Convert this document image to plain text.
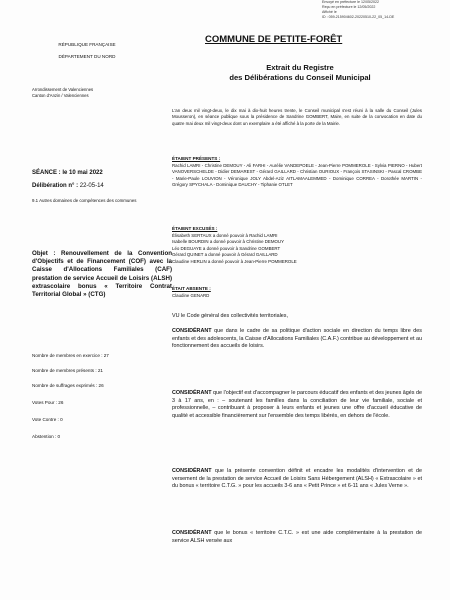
Envoyé en préfecture le 12/05/2022
Reçu en préfecture le 12/05/2022
Affiché le
ID : 059-215904602-20220510-22_05_14-DE
RÉPUBLIQUE FRANÇAISE
DÉPARTEMENT DU NORD
Arrondissement de Valenciennes
Canton d'Anzin / Valenciennes
COMMUNE DE PETITE-FORÊT
Extrait du Registre
des Délibérations du Conseil Municipal
L'an deux mil vingt-deux, le dix mai à dix-huit heures trente, le Conseil municipal s'est réuni à la salle du Conseil (Jules Mousseron), en séance publique sous la présidence de Sandrine GOMBERT, Maire, en suite de la convocation en date du quatre mai deux mil vingt-deux dont un exemplaire a été affiché à la porte de la Mairie.
ÉTAIENT PRÉSENTS :
Rachid LAMRI - Christine DEMOUY - Ali FARHI - Aurélie VANDEPOELE - Jean-Pierre POMMEROLE - Sylvia PIERNO - Hubert VANOVERSCHELDE - Didier DEMAREST - Gérard GAILLARD - Christian OURIOUX - François STASINSKI - Pascal CROMBE - Marie-Paule LOUVION - Véronique JOLY Abdel-Aziz AITLAMAALEMMED - Dominique CORREA - Dorothée MARTIN - Grégory SPYCHALA - Dominique DAUCHY - Tiphanie OTLET
SÉANCE : le 10 mai 2022
Délibération n° : 22-05-14
9.1 Autres domaines de compétences des communes
ÉTAIENT EXCUSÉS :
Élisabeth SERTAUX a donné pouvoir à Rachid LAMRI
Isabelle BOURDIN a donné pouvoir à Christine DEMOUY
Léo DEGUAYE a donné pouvoir à Sandrine GOMBERT
Gérard QUINET a donné pouvoir à Gérard GAILLARD
Claudine HERLIN a donné pouvoir à Jean-Pierre POMMEROLE
Objet : Renouvellement de la Convention d'Objectifs et de Financement (COF) avec la Caisse d'Allocations Familiales (CAF) prestation de service Accueil de Loisirs (ALSH) extrascolaire bonus « Territoire Contrat Territorial Global » (CTG)
ÉTAIT ABSENTE :
Claudine GENARD
VU le Code général des collectivités territoriales,
CONSIDÉRANT que dans le cadre de sa politique d'action sociale en direction du temps libre des enfants et des adolescents, la Caisse d'Allocations Familiales (C.A.F.) contribue au développement et au fonctionnement des accueils de loisirs.
CONSIDÉRANT que l'objectif est d'accompagner le parcours éducatif des enfants et des jeunes âgés de 3 à 17 ans, en : – soutenant les familles dans la conciliation de leur vie familiale, sociale et professionnelle, – contribuant à proposer à leurs enfants et jeunes une offre d'accueil éducative de qualité et accessible financièrement sur l'ensemble des temps libérés, en dehors de l'école.
CONSIDÉRANT que la présente convention définit et encadre les modalités d'intervention et de versement de la prestation de service Accueil de Loisirs Sans Hébergement (ALSH) « Extrascolaire » et du bonus « territoire C.T.G. » pour les accueils 3-6 ans « Petit Prince » et 6-11 ans « Jules Verne ».
CONSIDÉRANT que le bonus « territoire C.T.C. » est une aide complémentaire à la prestation de service ALSH versée aux
Nombre de membres en exercice : 27
Nombre de membres présents : 21
Nombre de suffrages exprimés : 26
Votes Pour : 26
Vote Contre : 0
Abstention : 0
